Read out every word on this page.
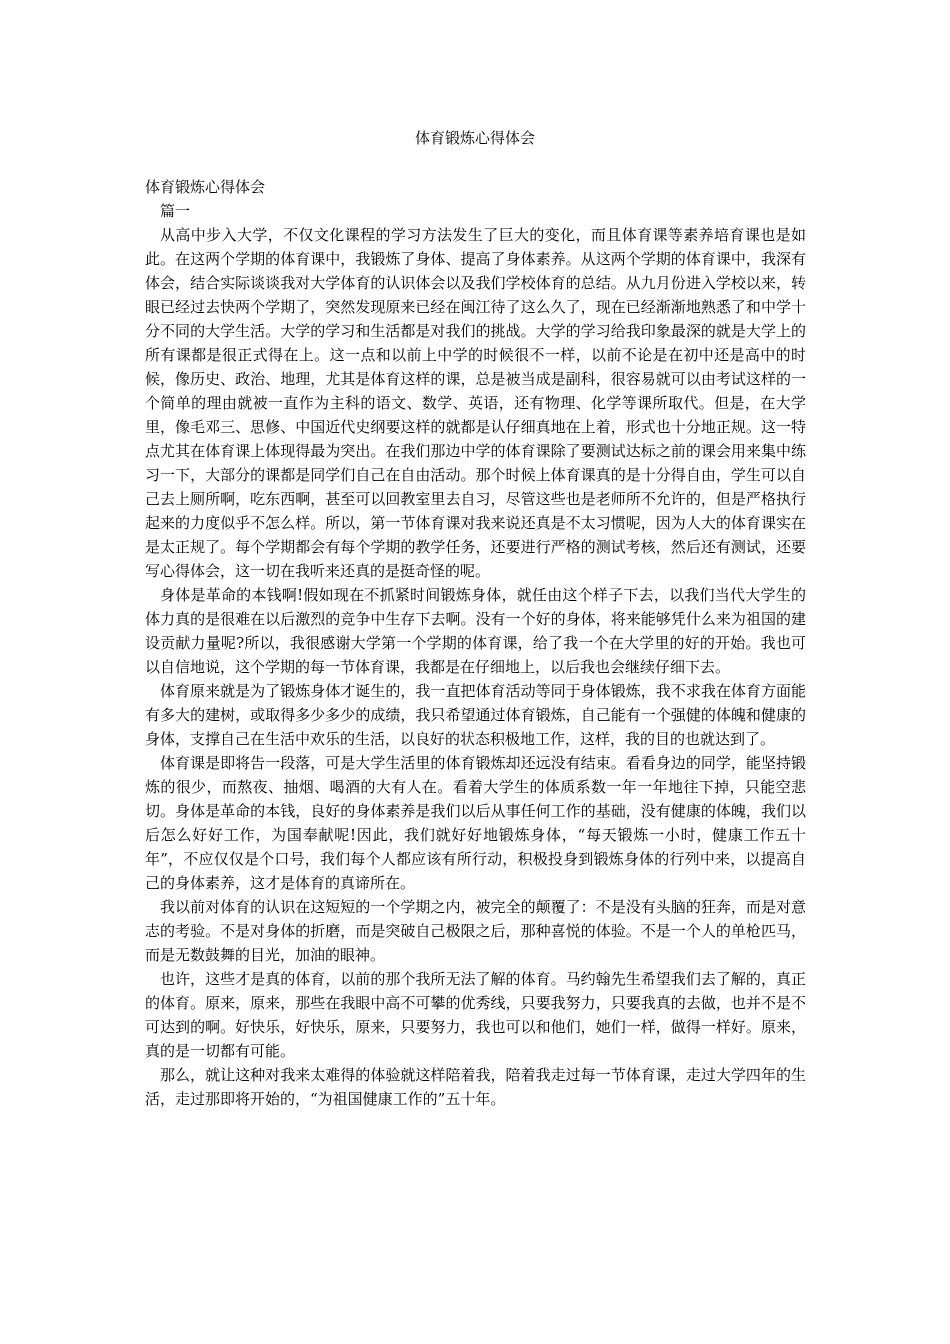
体育锻炼心得体会

体育锻炼心得体会

篇一

从高中步入大学，不仅文化课程的学习方法发生了巨大的变化，而且体育课等素养培育课也是如此。在这两个学期的体育课中，我锻炼了身体、提高了身体素养。从这两个学期的体育课中，我深有体会，结合实际谈谈我对大学体育的认识体会以及我们学校体育的总结。从九月份进入学校以来，转眼已经过去快两个学期了，突然发现原来已经在闽江待了这么久了，现在已经渐渐地熟悉了和中学十分不同的大学生活。大学的学习和生活都是对我们的挑战。大学的学习给我印象最深的就是大学上的所有课都是很正式得在上。这一点和以前上中学的时候很不一样，以前不论是在初中还是高中的时候，像历史、政治、地理，尤其是体育这样的课，总是被当成是副科，很容易就可以由考试这样的一个简单的理由就被一直作为主科的语文、数学、英语，还有物理、化学等课所取代。但是，在大学里，像毛邓三、思修、中国近代史纲要这样的就都是认仔细真地在上着，形式也十分地正规。这一特点尤其在体育课上体现得最为突出。在我们那边中学的体育课除了要测试达标之前的课会用来集中练习一下，大部分的课都是同学们自己在自由活动。那个时候上体育课真的是十分得自由，学生可以自己去上厕所啊，吃东西啊，甚至可以回教室里去自习，尽管这些也是老师所不允许的，但是严格执行起来的力度似乎不怎么样。所以，第一节体育课对我来说还真是不太习惯呢，因为人大的体育课实在是太正规了。每个学期都会有每个学期的教学任务，还要进行严格的测试考核，然后还有测试，还要写心得体会，这一切在我听来还真的是挺奇怪的呢。

身体是革命的本钱啊!假如现在不抓紧时间锻炼身体，就任由这个样子下去，以我们当代大学生的体力真的是很难在以后激烈的竞争中生存下去啊。没有一个好的身体，将来能够凭什么来为祖国的建设贡献力量呢?所以，我很感谢大学第一个学期的体育课，给了我一个在大学里的好的开始。我也可以自信地说，这个学期的每一节体育课，我都是在仔细地上，以后我也会继续仔细下去。

体育原来就是为了锻炼身体才诞生的，我一直把体育活动等同于身体锻炼，我不求我在体育方面能有多大的建树，或取得多少多少的成绩，我只希望通过体育锻炼，自己能有一个强健的体魄和健康的身体，支撑自己在生活中欢乐的生活，以良好的状态积极地工作，这样，我的目的也就达到了。

体育课是即将告一段落，可是大学生活里的体育锻炼却还远没有结束。看看身边的同学，能坚持锻炼的很少，而熬夜、抽烟、喝酒的大有人在。看着大学生的体质系数一年一年地往下掉，只能空悲切。身体是革命的本钱，良好的身体素养是我们以后从事任何工作的基础，没有健康的体魄，我们以后怎么好好工作，为国奉献呢!因此，我们就好好地锻炼身体，“每天锻炼一小时，健康工作五十年”，不应仅仅是个口号，我们每个人都应该有所行动，积极投身到锻炼身体的行列中来，以提高自己的身体素养，这才是体育的真谛所在。

我以前对体育的认识在这短短的一个学期之内，被完全的颠覆了：不是没有头脑的狂奔，而是对意志的考验。不是对身体的折磨，而是突破自己极限之后，那种喜悦的体验。不是一个人的单枪匹马，而是无数鼓舞的目光，加油的眼神。

也许，这些才是真的体育，以前的那个我所无法了解的体育。马约翰先生希望我们去了解的，真正的体育。原来，原来，那些在我眼中高不可攀的优秀线，只要我努力，只要我真的去做，也并不是不可达到的啊。好快乐，好快乐，原来，只要努力，我也可以和他们，她们一样，做得一样好。原来，真的是一切都有可能。

那么，就让这种对我来太难得的体验就这样陪着我，陪着我走过每一节体育课，走过大学四年的生活，走过那即将开始的，“为祖国健康工作的”五十年。
